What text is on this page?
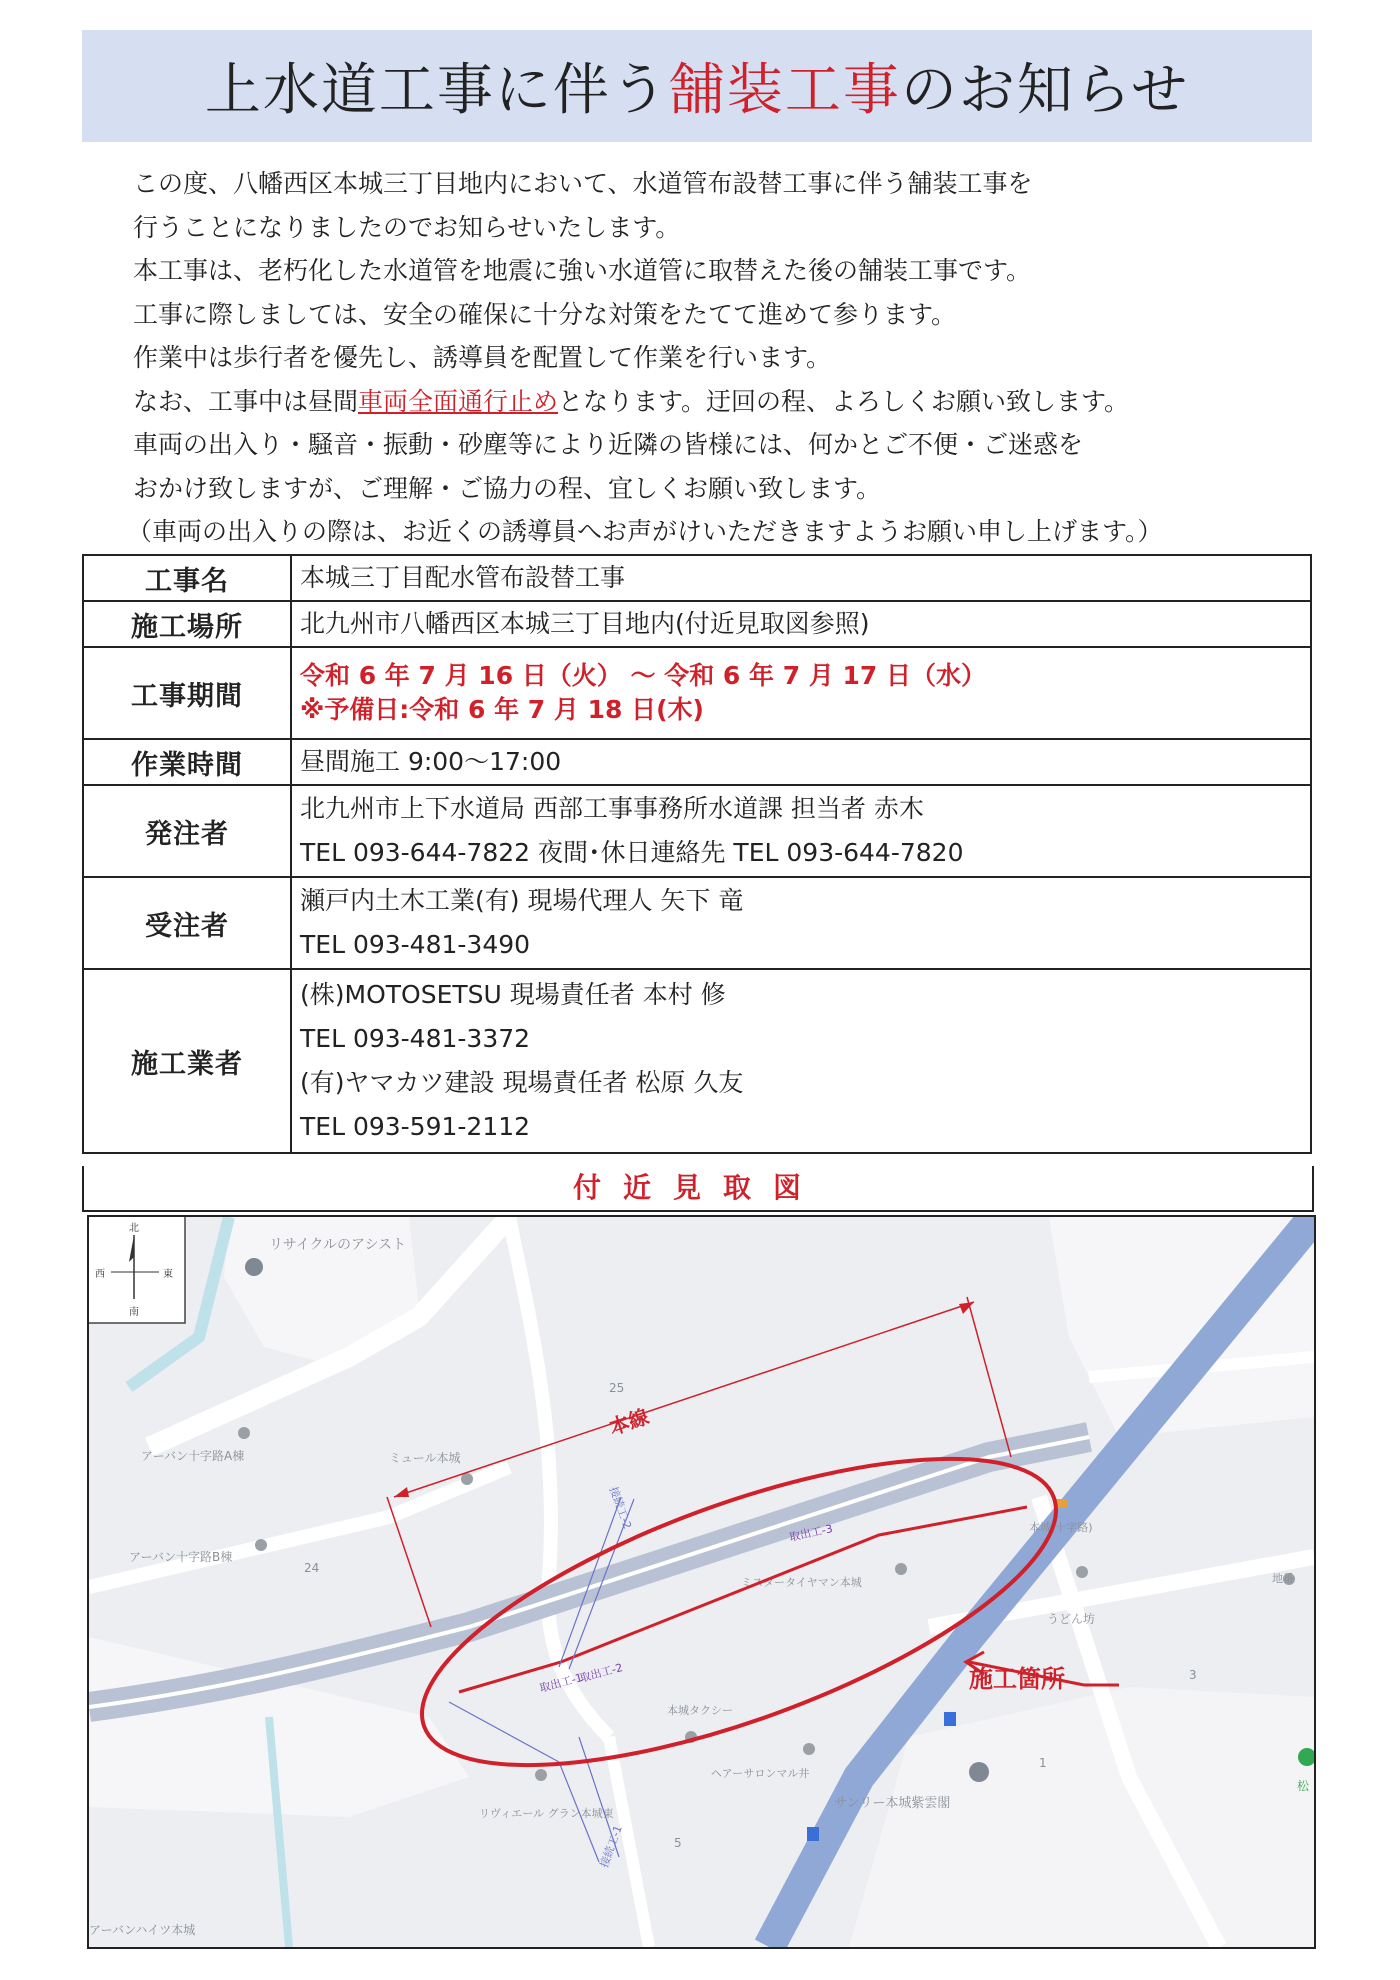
上水道工事に伴う舗装工事のお知らせ

この度、八幡西区本城三丁目地内において、水道管布設替工事に伴う舗装工事を

行うことになりましたのでお知らせいたします。

本工事は、老朽化した水道管を地震に強い水道管に取替えた後の舗装工事です。

工事に際しましては、安全の確保に十分な対策をたてて進めて参ります。

作業中は歩行者を優先し、誘導員を配置して作業を行います。

なお、工事中は昼間車両全面通行止めとなります。迂回の程、よろしくお願い致します。

車両の出入り・騒音・振動・砂塵等により近隣の皆様には、何かとご不便・ご迷惑を

おかけ致しますが、ご理解・ご協力の程、宜しくお願い致します。

（車両の出入りの際は、お近くの誘導員へお声がけいただきますようお願い申し上げます。）

工事名	本城三丁目配水管布設替工事

施工場所	北九州市八幡西区本城三丁目地内(付近見取図参照)

工事期間	令和 6 年 7 月 16 日（火） ～ 令和 6 年 7 月 17 日（水）
※予備日:令和 6 年 7 月 18 日(木)

作業時間	昼間施工 9:00～17:00

発注者	北九州市上下水道局 西部工事事務所水道課 担当者 赤木
TEL 093-644-7822 夜間･休日連絡先 TEL 093-644-7820

受注者	瀬戸内土木工業(有) 現場代理人 矢下 竜
TEL 093-481-3490

施工業者	(株)MOTOSETSU 現場責任者 本村 修
TEL 093-481-3372
(有)ヤマカツ建設 現場責任者 松原 久友
TEL 093-591-2112
付近見取図
北
南
東
西
リサイクルのアシスト
アーバン十字路A棟
アーバン十字路B棟
ミュール本城
ミスタータイヤマン本城
本城(十字路)
うどん坊
本城タクシー
ヘアーサロンマル井
サンリー本城紫雲閣
リヴィエール グラン本城東
アーバンハイツ本城
地番
松
24
25
3
1
5
本線
接続工-2
接続工-1
取出工-1
取出工-2
取出工-3
施工箇所
